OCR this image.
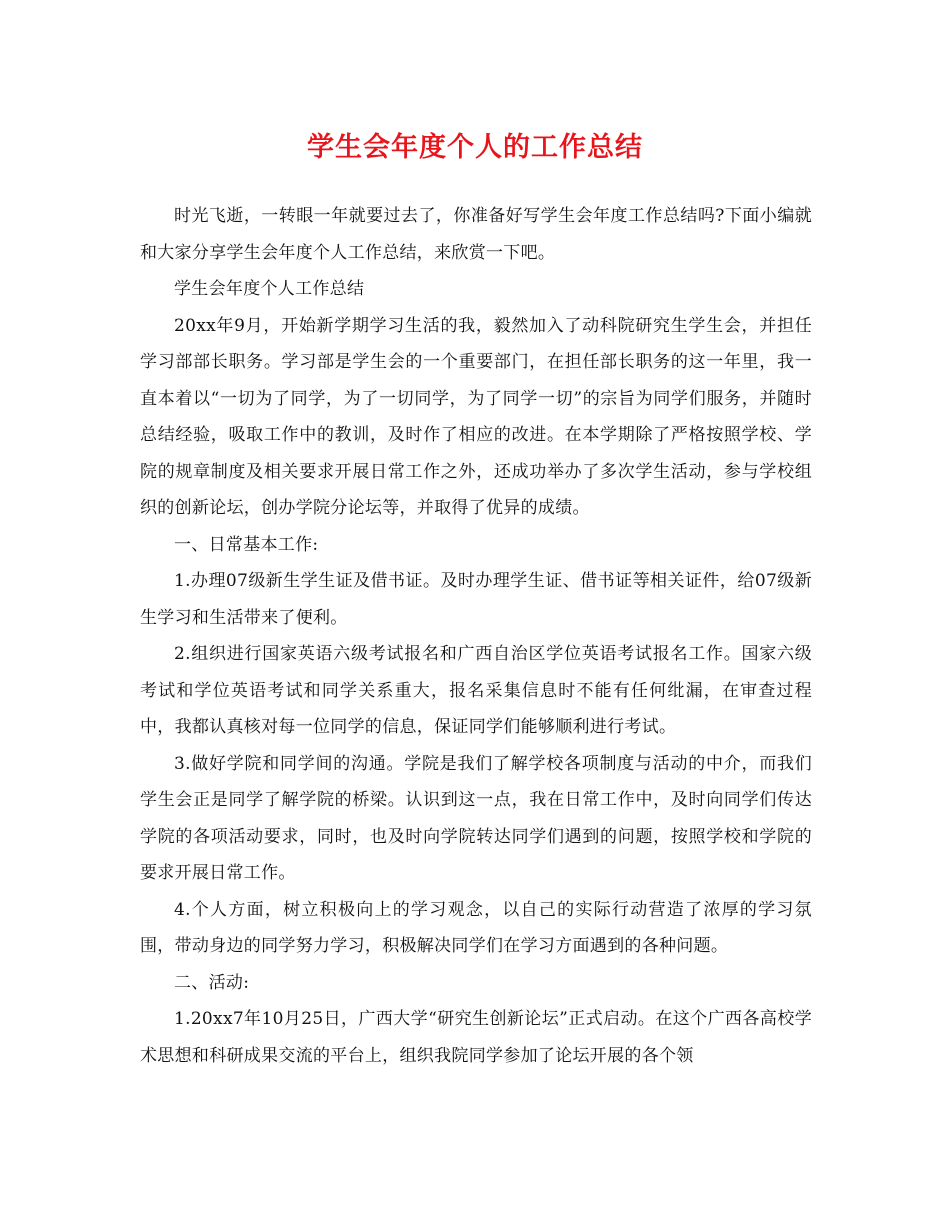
学生会年度个人的工作总结

时光飞逝，一转眼一年就要过去了，你准备好写学生会年度工作总结吗?下面小编就和大家分享学生会年度个人工作总结，来欣赏一下吧。

学生会年度个人工作总结

20xx年9月，开始新学期学习生活的我，毅然加入了动科院研究生学生会，并担任学习部部长职务。学习部是学生会的一个重要部门，在担任部长职务的这一年里，我一直本着以“一切为了同学，为了一切同学，为了同学一切”的宗旨为同学们服务，并随时总结经验，吸取工作中的教训，及时作了相应的改进。在本学期除了严格按照学校、学院的规章制度及相关要求开展日常工作之外，还成功举办了多次学生活动，参与学校组织的创新论坛，创办学院分论坛等，并取得了优异的成绩。

一、日常基本工作:

1.办理07级新生学生证及借书证。及时办理学生证、借书证等相关证件，给07级新生学习和生活带来了便利。

2.组织进行国家英语六级考试报名和广西自治区学位英语考试报名工作。国家六级考试和学位英语考试和同学关系重大，报名采集信息时不能有任何纰漏，在审查过程中，我都认真核对每一位同学的信息，保证同学们能够顺利进行考试。

3.做好学院和同学间的沟通。学院是我们了解学校各项制度与活动的中介，而我们学生会正是同学了解学院的桥梁。认识到这一点，我在日常工作中，及时向同学们传达学院的各项活动要求，同时，也及时向学院转达同学们遇到的问题，按照学校和学院的要求开展日常工作。

4.个人方面，树立积极向上的学习观念，以自己的实际行动营造了浓厚的学习氛围，带动身边的同学努力学习，积极解决同学们在学习方面遇到的各种问题。

二、活动:

1.20xx7年10月25日，广西大学“研究生创新论坛”正式启动。在这个广西各高校学术思想和科研成果交流的平台上，组织我院同学参加了论坛开展的各个领
